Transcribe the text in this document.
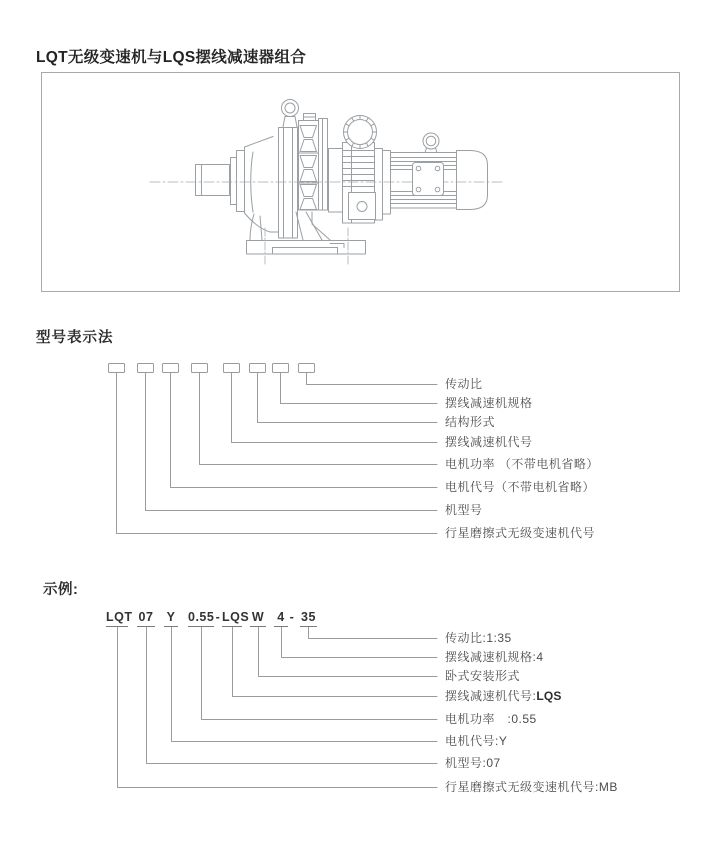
LQT无级变速机与LQS摆线减速器组合
型号表示法
传动比
摆线减速机规格
结构形式
摆线减速机代号
电机功率 （不带电机省略）
电机代号（不带电机省略）
机型号
行星磨擦式无级变速机代号
示例:
LQT 07 Y 0.55 - LQS W 4 - 35
传动比:1:35
摆线减速机规格:4
卧式安装形式
摆线减速机代号:LQS
电机功率　:0.55
电机代号:Y
机型号:07
行星磨擦式无级变速机代号:MB
